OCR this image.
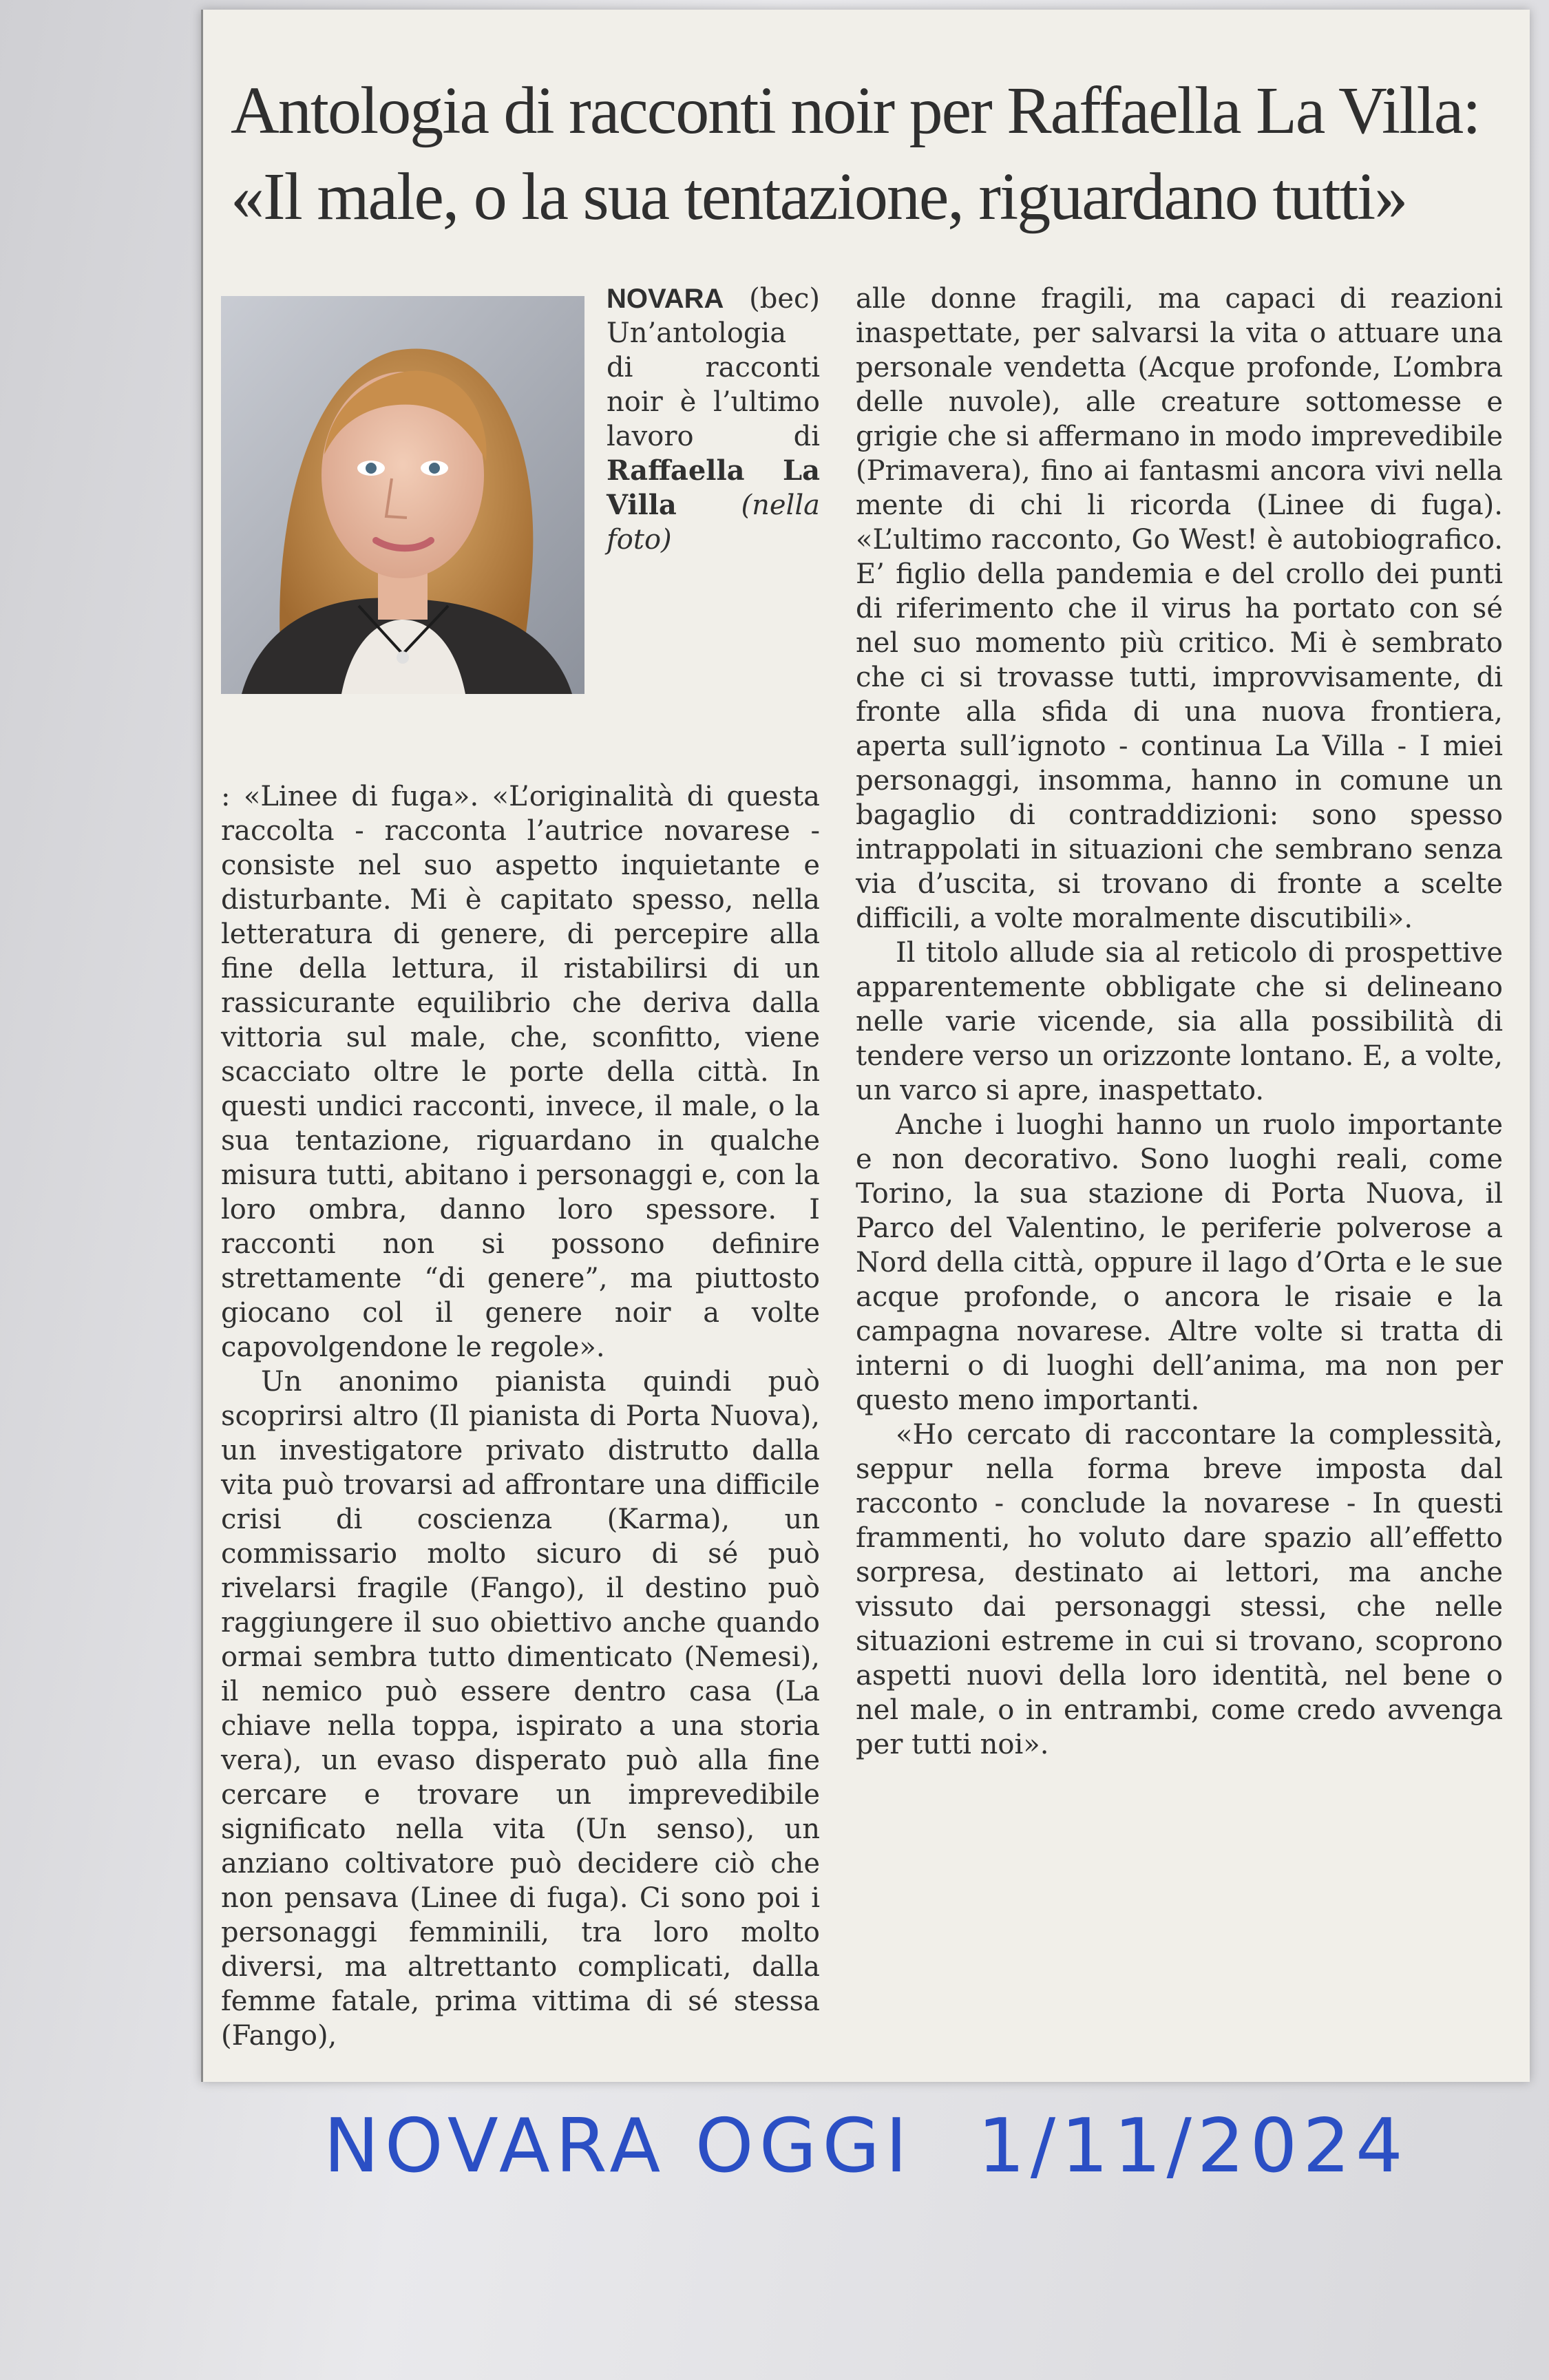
Antologia di racconti noir per Raffaella La Villa:
«Il male, o la sua tentazione, riguardano tutti»

NOVARA (bec) Un’antologia di racconti noir è l’ultimo lavoro di Raffaella La Villa (nella foto)

: «Linee di fuga». «L’originalità di questa raccolta - racconta l’autrice novarese - consiste nel suo aspetto inquietante e disturbante. Mi è capitato spesso, nella letteratura di genere, di percepire alla fine della lettura, il ristabilirsi di un rassicurante equilibrio che deriva dalla vittoria sul male, che, sconfitto, viene scacciato oltre le porte della città. In questi undici racconti, invece, il male, o la sua tentazione, riguardano in qualche misura tutti, abitano i personaggi e, con la loro ombra, danno loro spessore. I racconti non si possono definire strettamente “di genere”, ma piuttosto giocano col il genere noir a volte capovolgendone le regole».

Un anonimo pianista quindi può scoprirsi altro (Il pianista di Porta Nuova), un investigatore privato distrutto dalla vita può trovarsi ad affrontare una difficile crisi di coscienza (Karma), un commissario molto sicuro di sé può rivelarsi fragile (Fango), il destino può raggiungere il suo obiettivo anche quando ormai sembra tutto dimenticato (Nemesi), il nemico può essere dentro casa (La chiave nella toppa, ispirato a una storia vera), un evaso disperato può alla fine cercare e trovare un imprevedibile significato nella vita (Un senso), un anziano coltivatore può decidere ciò che non pensava (Linee di fuga). Ci sono poi i personaggi femminili, tra loro molto diversi, ma altrettanto complicati, dalla femme fatale, prima vittima di sé stessa (Fango),

alle donne fragili, ma capaci di reazioni inaspettate, per salvarsi la vita o attuare una personale vendetta (Acque profonde, L’ombra delle nuvole), alle creature sottomesse e grigie che si affermano in modo imprevedibile (Primavera), fino ai fantasmi ancora vivi nella mente di chi li ricorda (Linee di fuga). «L’ultimo racconto, Go West! è autobiografico. E’ figlio della pandemia e del crollo dei punti di riferimento che il virus ha portato con sé nel suo momento più critico. Mi è sembrato che ci si trovasse tutti, improvvisamente, di fronte alla sfida di una nuova frontiera, aperta sull’ignoto - continua La Villa - I miei personaggi, insomma, hanno in comune un bagaglio di contraddizioni: sono spesso intrappolati in situazioni che sembrano senza via d’uscita, si trovano di fronte a scelte difficili, a volte moralmente discutibili».

Il titolo allude sia al reticolo di prospettive apparentemente obbligate che si delineano nelle varie vicende, sia alla possibilità di tendere verso un orizzonte lontano. E, a volte, un varco si apre, inaspettato.

Anche i luoghi hanno un ruolo importante e non decorativo. Sono luoghi reali, come Torino, la sua stazione di Porta Nuova, il Parco del Valentino, le periferie polverose a Nord della città, oppure il lago d’Orta e le sue acque profonde, o ancora le risaie e la campagna novarese. Altre volte si tratta di interni o di luoghi dell’anima, ma non per questo meno importanti.

«Ho cercato di raccontare la complessità, seppur nella forma breve imposta dal racconto - conclude la novarese - In questi frammenti, ho voluto dare spazio all’effetto sorpresa, destinato ai lettori, ma anche vissuto dai personaggi stessi, che nelle situazioni estreme in cui si trovano, scoprono aspetti nuovi della loro identità, nel bene o nel male, o in entrambi, come credo avvenga per tutti noi».

NOVARA OGGI 1/11/2024
